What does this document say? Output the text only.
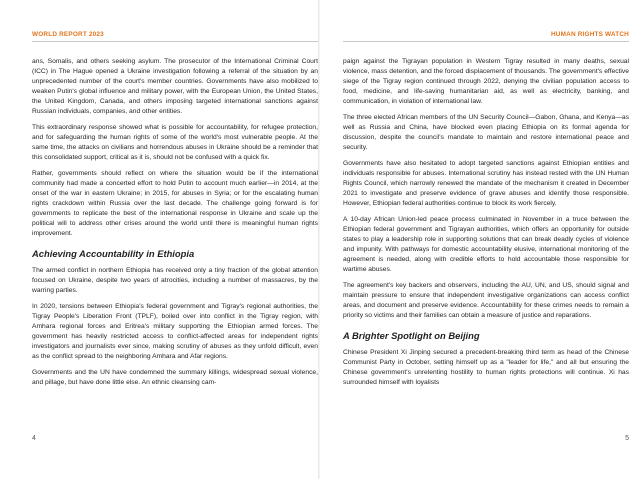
WORLD REPORT 2023

ans, Somalis, and others seeking asylum. The prosecutor of the International Criminal Court (ICC) in The Hague opened a Ukraine investigation following a referral of the situation by an unprecedented number of the court's member countries. Governments have also mobilized to weaken Putin's global influence and military power, with the European Union, the United States, the United Kingdom, Canada, and others imposing targeted international sanctions against Russian individuals, companies, and other entities.

This extraordinary response showed what is possible for accountability, for refugee protection, and for safeguarding the human rights of some of the world's most vulnerable people. At the same time, the attacks on civilians and horrendous abuses in Ukraine should be a reminder that this consolidated support, critical as it is, should not be confused with a quick fix.

Rather, governments should reflect on where the situation would be if the international community had made a concerted effort to hold Putin to account much earlier—in 2014, at the onset of the war in eastern Ukraine; in 2015, for abuses in Syria; or for the escalating human rights crackdown within Russia over the last decade. The challenge going forward is for governments to replicate the best of the international response in Ukraine and scale up the political will to address other crises around the world until there is meaningful human rights improvement.

Achieving Accountability in Ethiopia

The armed conflict in northern Ethiopia has received only a tiny fraction of the global attention focused on Ukraine, despite two years of atrocities, including a number of massacres, by the warring parties.

In 2020, tensions between Ethiopia's federal government and Tigray's regional authorities, the Tigray People's Liberation Front (TPLF), boiled over into conflict in the Tigray region, with Amhara regional forces and Eritrea's military supporting the Ethiopian armed forces. The government has heavily restricted access to conflict-affected areas for independent rights investigators and journalists ever since, making scrutiny of abuses as they unfold difficult, even as the conflict spread to the neighboring Amhara and Afar regions.

Governments and the UN have condemned the summary killings, widespread sexual violence, and pillage, but have done little else. An ethnic cleansing cam-

4
HUMAN RIGHTS WATCH

paign against the Tigrayan population in Western Tigray resulted in many deaths, sexual violence, mass detention, and the forced displacement of thousands. The government's effective siege of the Tigray region continued through 2022, denying the civilian population access to food, medicine, and life-saving humanitarian aid, as well as electricity, banking, and communication, in violation of international law.

The three elected African members of the UN Security Council—Gabon, Ghana, and Kenya—as well as Russia and China, have blocked even placing Ethiopia on its formal agenda for discussion, despite the council's mandate to maintain and restore international peace and security.

Governments have also hesitated to adopt targeted sanctions against Ethiopian entities and individuals responsible for abuses. International scrutiny has instead rested with the UN Human Rights Council, which narrowly renewed the mandate of the mechanism it created in December 2021 to investigate and preserve evidence of grave abuses and identify those responsible. However, Ethiopian federal authorities continue to block its work fiercely.

A 10-day African Union-led peace process culminated in November in a truce between the Ethiopian federal government and Tigrayan authorities, which offers an opportunity for outside states to play a leadership role in supporting solutions that can break deadly cycles of violence and impunity. With pathways for domestic accountability elusive, international monitoring of the agreement is needed, along with credible efforts to hold accountable those responsible for wartime abuses.

The agreement's key backers and observers, including the AU, UN, and US, should signal and maintain pressure to ensure that independent investigative organizations can access conflict areas, and document and preserve evidence. Accountability for these crimes needs to remain a priority so victims and their families can obtain a measure of justice and reparations.

A Brighter Spotlight on Beijing

Chinese President Xi Jinping secured a precedent-breaking third term as head of the Chinese Communist Party in October, setting himself up as a "leader for life," and all but ensuring the Chinese government's unrelenting hostility to human rights protections will continue. Xi has surrounded himself with loyalists

5
